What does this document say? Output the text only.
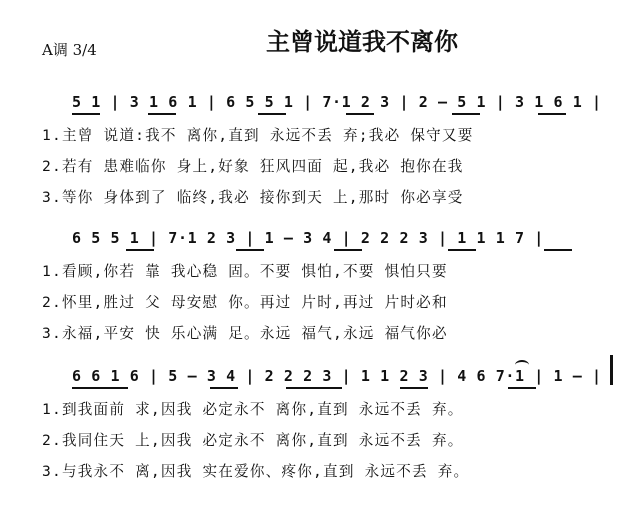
A调 3/4	主曾说道我不离你
5 1 | 3 1 6 1 | 6 5 5 1 | 7·1 2 3 | 2 – 5 1 | 3 1 6 1 |
1.主曾 说道:我不 离你,直到 永远不丢 弃;我必 保守又要
2.若有 患难临你 身上,好象 狂风四面 起,我必 抱你在我
3.等你 身体到了 临终,我必 接你到天 上,那时 你必享受
6 5 5 1 | 7·1 2 3 | 1 – 3 4 | 2 2 2 3 | 1 1 1 7 |
1.看顾,你若 靠 我心稳 固。不要 惧怕,不要 惧怕只要
2.怀里,胜过 父 母安慰 你。再过 片时,再过 片时必和
3.永福,平安 快 乐心满 足。永远 福气,永远 福气你必
6 6 1 6 | 5 – 3 4 | 2 2 2 3 | 1 1 2 3 | 4 6 7·1 | 1 – |
1.到我面前 求,因我 必定永不 离你,直到 永远不丢 弃。
2.我同住天 上,因我 必定永不 离你,直到 永远不丢 弃。
3.与我永不 离,因我 实在爱你、疼你,直到 永远不丢 弃。
